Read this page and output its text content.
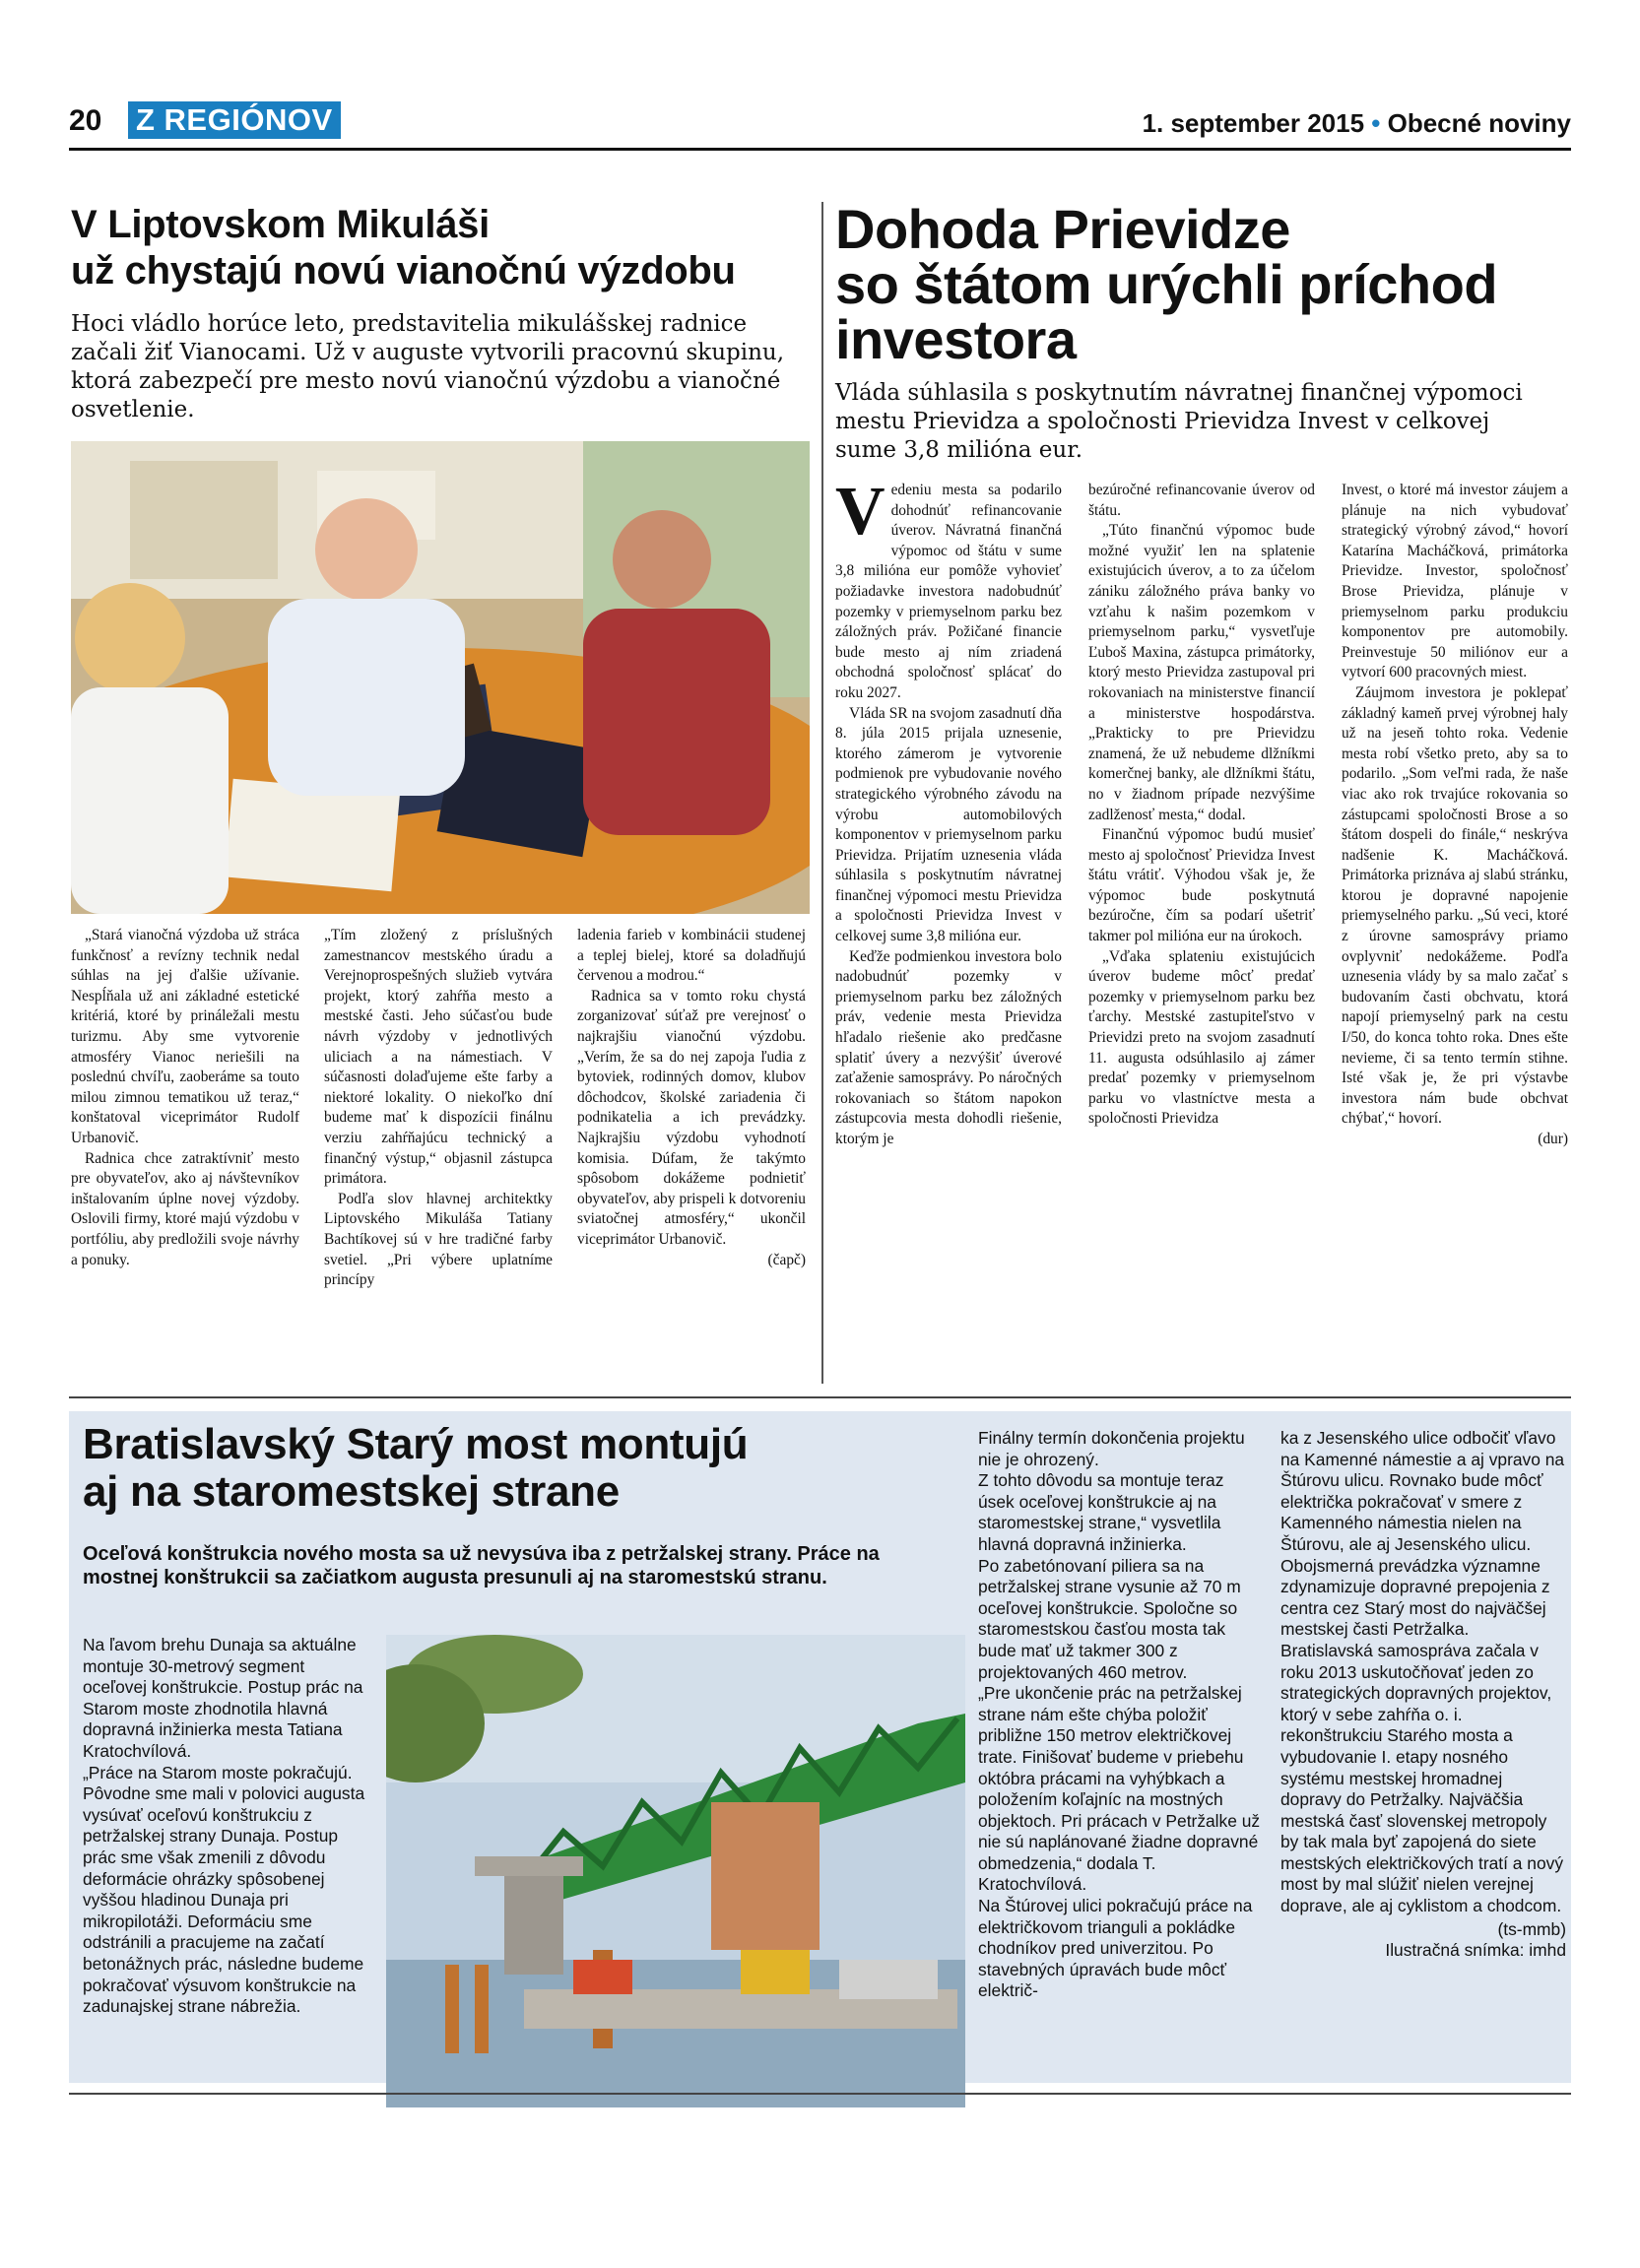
20 Z REGIÓNOV	1. september 2015 • Obecné noviny
V Liptovskom Mikuláši
už chystajú novú vianočnú výzdobu
Hoci vládlo horúce leto, predstavitelia mikulášskej radnice začali žiť Vianocami. Už v auguste vytvorili pracovnú skupinu, ktorá zabezpečí pre mesto novú vianočnú výzdobu a vianočné osvetlenie.

„Stará vianočná výzdoba už stráca funkčnosť a revízny technik nedal súhlas na jej ďalšie užívanie. Nespĺňala už ani základné estetické kritériá, ktoré by prináležali mestu turizmu. Aby sme vytvorenie atmosféry Vianoc neriešili na poslednú chvíľu, zaoberáme sa touto milou zimnou tematikou už teraz,“ konštatoval viceprimátor Rudolf Urbanovič.

Radnica chce zatraktívniť mesto pre obyvateľov, ako aj návštevníkov inštalovaním úplne novej výzdoby. Oslovili firmy, ktoré majú výzdobu v portfóliu, aby predložili svoje návrhy a ponuky.

„Tím zložený z príslušných zamestnancov mestského úradu a Verejnoprospešných služieb vytvára projekt, ktorý zahŕňa mesto a mestské časti. Jeho súčasťou bude návrh výzdoby v jednotlivých uliciach a na námestiach. V súčasnosti dolaďujeme ešte farby a niektoré lokality. O niekoľko dní budeme mať k dispozícii finálnu verziu zahŕňajúcu technický a finančný výstup,“ objasnil zástupca primátora.

Podľa slov hlavnej architektky Liptovského Mikuláša Tatiany Bachtíkovej sú v hre tradičné farby svetiel. „Pri výbere uplatníme princípy

ladenia farieb v kombinácii studenej a teplej bielej, ktoré sa doladňujú červenou a modrou.“

Radnica sa v tomto roku chystá zorganizovať súťaž pre verejnosť o najkrajšiu vianočnú výzdobu. „Verím, že sa do nej zapoja ľudia z bytoviek, rodinných domov, klubov dôchodcov, školské zariadenia či podnikatelia a ich prevádzky. Najkrajšiu výzdobu vyhodnotí komisia. Dúfam, že takýmto spôsobom dokážeme podnietiť obyvateľov, aby prispeli k dotvoreniu sviatočnej atmosféry,“ ukončil viceprimátor Urbanovič.

(čapč)

Dohoda Prievidze
so štátom urýchli príchod
investora
Vláda súhlasila s poskytnutím návratnej finančnej výpomoci mestu Prievidza a spoločnosti Prievidza Invest v celkovej sume 3,8 milióna eur.

Vedeniu mesta sa podarilo dohodnúť refinancovanie úverov. Návratná finančná výpomoc od štátu v sume 3,8 milióna eur pomôže vyhovieť požiadavke investora nadobudnúť pozemky v priemyselnom parku bez záložných práv. Požičané financie bude mesto aj ním zriadená obchodná spoločnosť splácať do roku 2027.

Vláda SR na svojom zasadnutí dňa 8. júla 2015 prijala uznesenie, ktorého zámerom je vytvorenie podmienok pre vybudovanie nového strategického výrobného závodu na výrobu automobilových komponentov v priemyselnom parku Prievidza. Prijatím uznesenia vláda súhlasila s poskytnutím návratnej finančnej výpomoci mestu Prievidza a spoločnosti Prievidza Invest v celkovej sume 3,8 milióna eur.

Keďže podmienkou investora bolo nadobudnúť pozemky v priemyselnom parku bez záložných práv, vedenie mesta Prievidza hľadalo riešenie ako predčasne splatiť úvery a nezvýšiť úverové zaťaženie samosprávy. Po náročných rokovaniach so štátom napokon zástupcovia mesta dohodli riešenie, ktorým je

bezúročné refinancovanie úverov od štátu.

„Túto finančnú výpomoc bude možné využiť len na splatenie existujúcich úverov, a to za účelom zániku záložného práva banky vo vzťahu k našim pozemkom v priemyselnom parku,“ vysvetľuje Ľuboš Maxina, zástupca primátorky, ktorý mesto Prievidza zastupoval pri rokovaniach na ministerstve financií a ministerstve hospodárstva. „Prakticky to pre Prievidzu znamená, že už nebudeme dlžníkmi komerčnej banky, ale dlžníkmi štátu, no v žiadnom prípade nezvýšime zadlženosť mesta,“ dodal.

Finančnú výpomoc budú musieť mesto aj spoločnosť Prievidza Invest štátu vrátiť. Výhodou však je, že výpomoc bude poskytnutá bezúročne, čím sa podarí ušetriť takmer pol milióna eur na úrokoch.

„Vďaka splateniu existujúcich úverov budeme môcť predať pozemky v priemyselnom parku bez ťarchy. Mestské zastupiteľstvo v Prievidzi preto na svojom zasadnutí 11. augusta odsúhlasilo aj zámer predať pozemky v priemyselnom parku vo vlastníctve mesta a spoločnosti Prievidza

Invest, o ktoré má investor záujem a plánuje na nich vybudovať strategický výrobný závod,“ hovorí Katarína Macháčková, primátorka Prievidze. Investor, spoločnosť Brose Prievidza, plánuje v priemyselnom parku produkciu komponentov pre automobily. Preinvestuje 50 miliónov eur a vytvorí 600 pracovných miest.

Záujmom investora je poklepať základný kameň prvej výrobnej haly už na jeseň tohto roka. Vedenie mesta robí všetko preto, aby sa to podarilo. „Som veľmi rada, že naše viac ako rok trvajúce rokovania so zástupcami spoločnosti Brose a so štátom dospeli do finále,“ neskrýva nadšenie K. Macháčková. Primátorka priznáva aj slabú stránku, ktorou je dopravné napojenie priemyselného parku. „Sú veci, ktoré z úrovne samosprávy priamo ovplyvniť nedokážeme. Podľa uznesenia vlády by sa malo začať s budovaním časti obchvatu, ktorá napojí priemyselný park na cestu I/50, do konca tohto roka. Dnes ešte nevieme, či sa tento termín stihne. Isté však je, že pri výstavbe investora nám bude obchvat chýbať,“ hovorí.

(dur)

Bratislavský Starý most montujú
aj na staromestskej strane
Oceľová konštrukcia nového mosta sa už nevysúva iba z petržalskej strany. Práce na mostnej konštrukcii sa začiatkom augusta presunuli aj na staromestskú stranu.

Na ľavom brehu Dunaja sa aktuálne montuje 30-metrový segment oceľovej konštrukcie. Postup prác na Starom moste zhodnotila hlavná dopravná inžinierka mesta Tatiana Kratochvílová.

„Práce na Starom moste pokračujú. Pôvodne sme mali v polovici augusta vysúvať oceľovú konštrukciu z petržalskej strany Dunaja. Postup prác sme však zmenili z dôvodu deformácie ohrázky spôsobenej vyššou hladinou Dunaja pri mikropilotáži. Deformáciu sme odstránili a pracujeme na začatí betonážnych prác, následne budeme pokračovať výsuvom konštrukcie na zadunajskej strane nábrežia.

Finálny termín dokončenia projektu nie je ohrozený.

Z tohto dôvodu sa montuje teraz úsek oceľovej konštrukcie aj na staromestskej strane,“ vysvetlila hlavná dopravná inžinierka.

Po zabetónovaní piliera sa na petržalskej strane vysunie až 70 m oceľovej konštrukcie. Spoločne so staromestskou časťou mosta tak bude mať už takmer 300 z projektovaných 460 metrov.

„Pre ukončenie prác na petržalskej strane nám ešte chýba položiť približne 150 metrov električkovej trate. Finišovať budeme v priebehu októbra prácami na vyhýbkach a položením koľajníc na mostných objektoch. Pri prácach v Petržalke už nie sú naplánované žiadne dopravné obmedzenia,“ dodala T. Kratochvílová.

Na Štúrovej ulici pokračujú práce na električkovom trianguli a pokládke chodníkov pred univerzitou. Po stavebných úpravách bude môcť električ-

ka z Jesenského ulice odbočiť vľavo na Kamenné námestie a aj vpravo na Štúrovu ulicu. Rovnako bude môcť električka pokračovať v smere z Kamenného námestia nielen na Štúrovu, ale aj Jesenského ulicu. Obojsmerná prevádzka významne zdynamizuje dopravné prepojenia z centra cez Starý most do najväčšej mestskej časti Petržalka.

Bratislavská samospráva začala v roku 2013 uskutočňovať jeden zo strategických dopravných projektov, ktorý v sebe zahŕňa o. i. rekonštrukciu Starého mosta a vybudovanie I. etapy nosného systému mestskej hromadnej dopravy do Petržalky. Najväčšia mestská časť slovenskej metropoly by tak mala byť zapojená do siete mestských električkových tratí a nový most by mal slúžiť nielen verejnej doprave, ale aj cyklistom a chodcom.

(ts-mmb)

Ilustračná snímka: imhd
